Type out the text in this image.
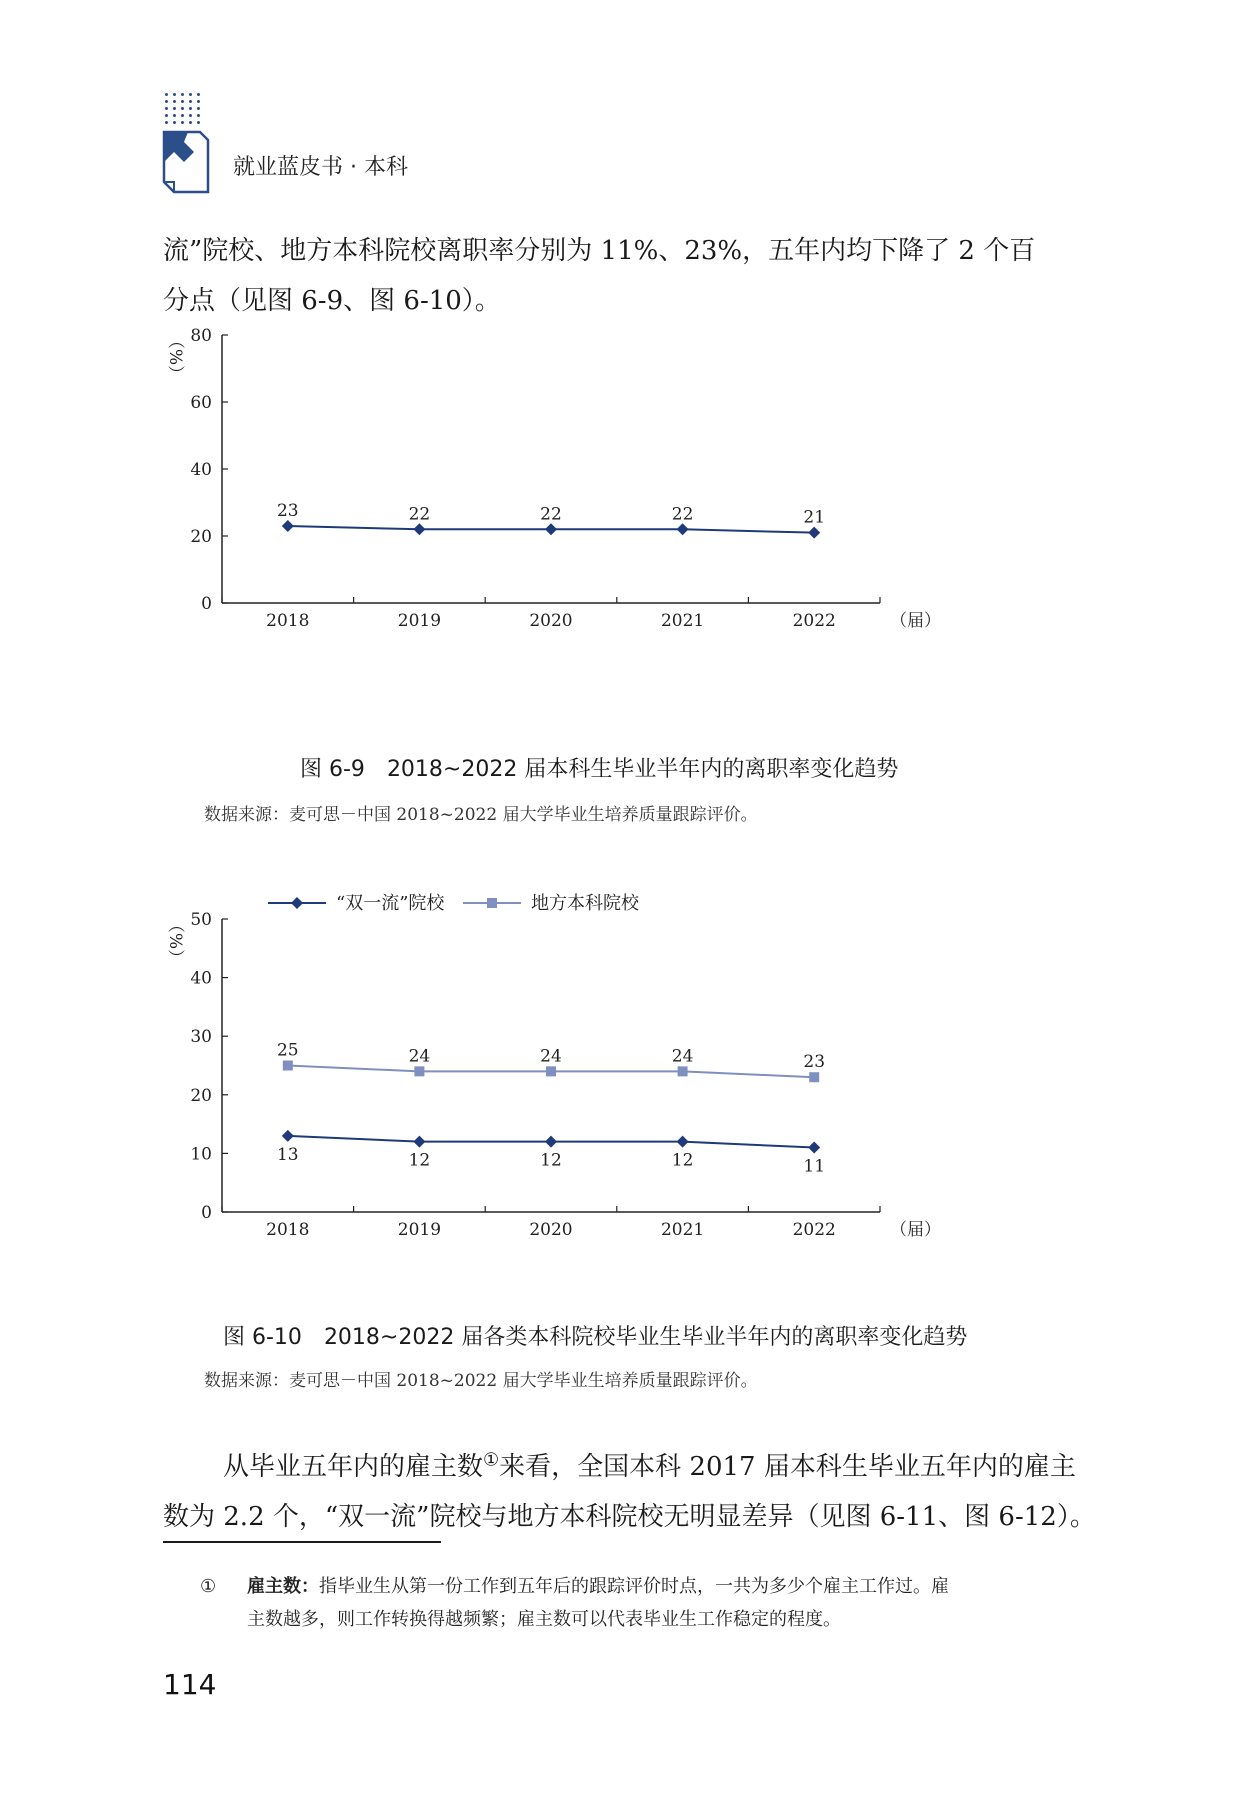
就业蓝皮书 · 本科

流”院校、地方本科院校离职率分别为 11%、23%，五年内均下降了 2 个百

分点（见图 6-9、图 6-10）。

0
20
40
60
80
2018	2019	2020	2021	2022	（届）
（%）
23	22	22	22	21
图 6-9 2018~2022 届本科生毕业半年内的离职率变化趋势
数据来源：麦可思－中国 2018~2022 届大学毕业生培养质量跟踪评价。
0
10
20
30
40
50
2018	2019	2020	2021	2022	（届）
（%）
13	12	12	12	11
25	24	24	24	23
“双一流”院校	地方本科院校
图 6-10 2018~2022 届各类本科院校毕业生毕业半年内的离职率变化趋势
数据来源：麦可思－中国 2018~2022 届大学毕业生培养质量跟踪评价。

从毕业五年内的雇主数①来看，全国本科 2017 届本科生毕业五年内的雇主

数为 2.2 个，“双一流”院校与地方本科院校无明显差异（见图 6-11、图 6-12）。

① 雇主数：指毕业生从第一份工作到五年后的跟踪评价时点，一共为多少个雇主工作过。雇
主数越多，则工作转换得越频繁；雇主数可以代表毕业生工作稳定的程度。
114
